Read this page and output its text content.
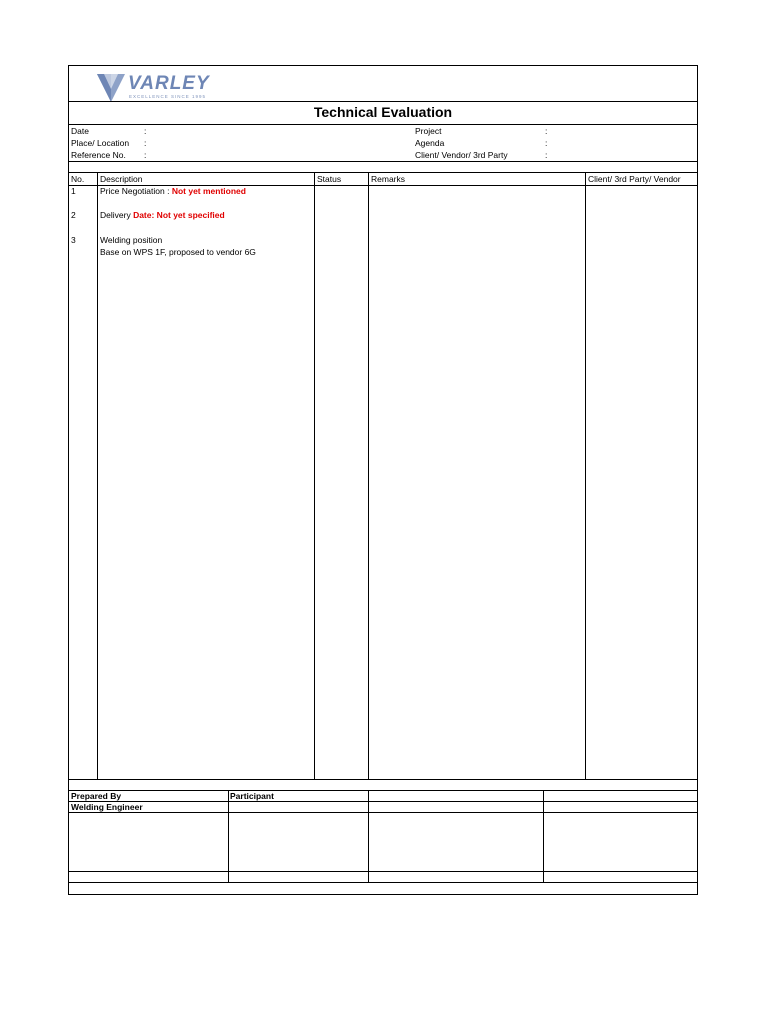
VARLEY
EXCELLENCE SINCE 1995
Technical Evaluation
Date	:
Place/ Location :
Reference No. :
Project	:
Agenda	:
Client/ Vendor/ 3rd Party	:
No. Description	Status	Remarks	Client/ 3rd Party/ Vendor
1	Price Negotiation : Not yet mentioned
2	Delivery Date: Not yet specified
3	Welding position
Base on WPS 1F, proposed to vendor 6G
Prepared By	Participant
Welding Engineer
